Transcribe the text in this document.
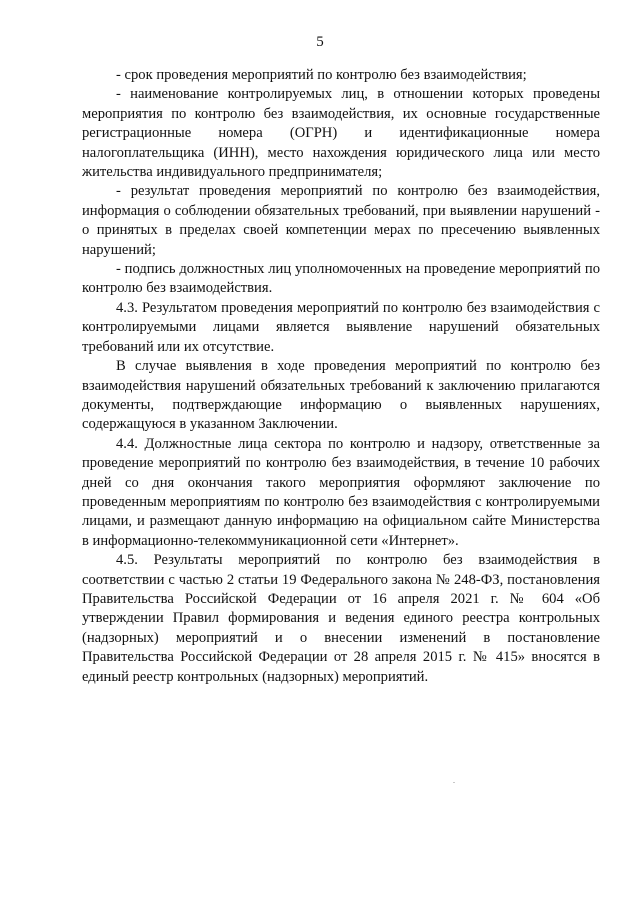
5

- срок проведения мероприятий по контролю без взаимодействия;

- наименование контролируемых лиц, в отношении которых проведены мероприятия по контролю без взаимодействия, их основные государственные регистрационные номера (ОГРН) и идентификационные номера налогоплательщика (ИНН), место нахождения юридического лица или место жительства индивидуального предпринимателя;

- результат проведения мероприятий по контролю без взаимодействия, информация о соблюдении обязательных требований, при выявлении нарушений - о принятых в пределах своей компетенции мерах по пресечению выявленных нарушений;

- подпись должностных лиц уполномоченных на проведение мероприятий по контролю без взаимодействия.

4.3. Результатом проведения мероприятий по контролю без взаимодействия с контролируемыми лицами является выявление нарушений обязательных требований или их отсутствие.

В случае выявления в ходе проведения мероприятий по контролю без взаимодействия нарушений обязательных требований к заключению прилагаются документы, подтверждающие информацию о выявленных нарушениях, содержащуюся в указанном Заключении.

4.4. Должностные лица сектора по контролю и надзору, ответственные за проведение мероприятий по контролю без взаимодействия, в течение 10 рабочих дней со дня окончания такого мероприятия оформляют заключение по проведенным мероприятиям по контролю без взаимодействия с контролируемыми лицами, и размещают данную информацию на официальном сайте Министерства в информационно-телекоммуникационной сети «Интернет».

4.5. Результаты мероприятий по контролю без взаимодействия в соответствии с частью 2 статьи 19 Федерального закона № 248-ФЗ, постановления Правительства Российской Федерации от 16 апреля 2021 г. № 604 «Об утверждении Правил формирования и ведения единого реестра контрольных (надзорных) мероприятий и о внесении изменений в постановление Правительства Российской Федерации от 28 апреля 2015 г. № 415» вносятся в единый реестр контрольных (надзорных) мероприятий.
